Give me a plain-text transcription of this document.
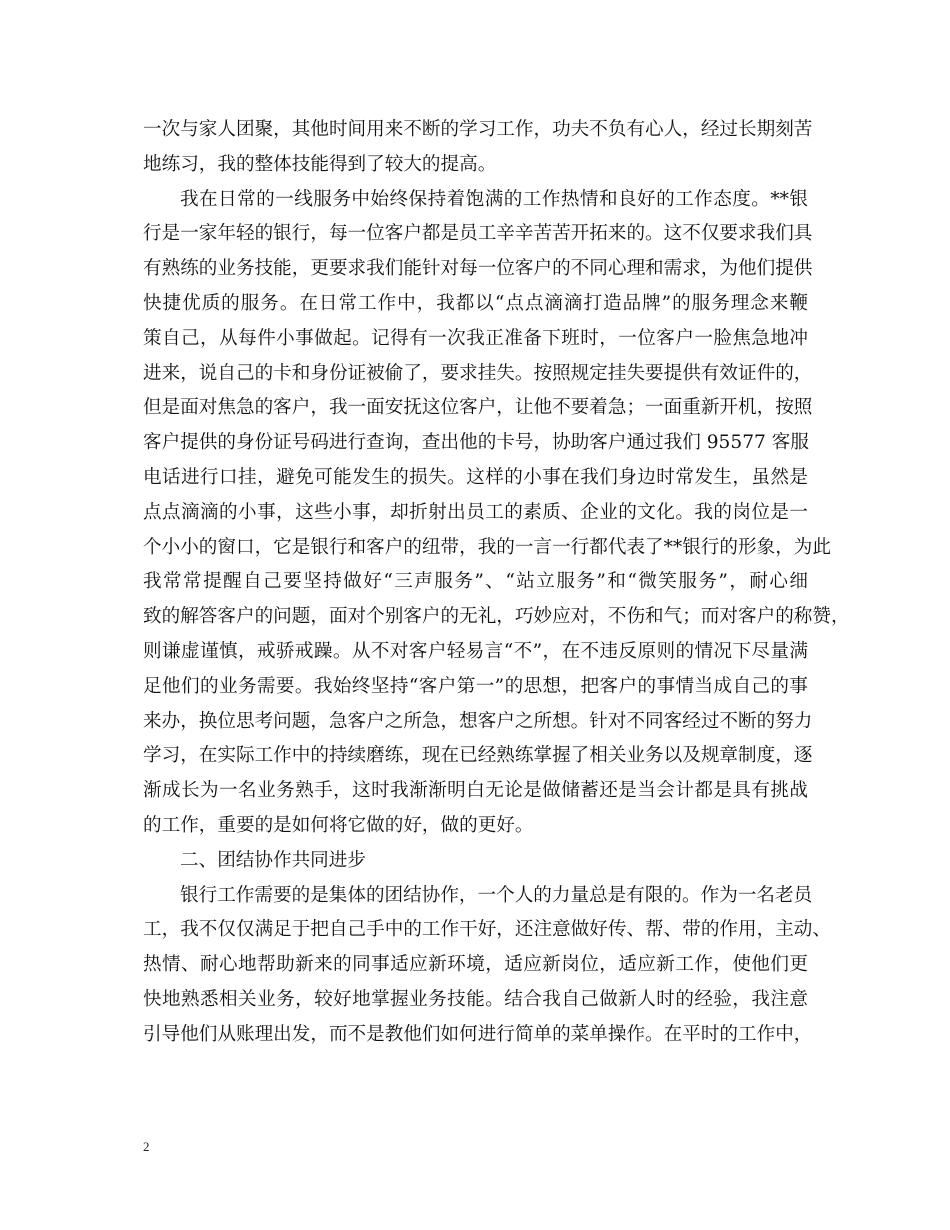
一次与家人团聚，其他时间用来不断的学习工作，功夫不负有心人，经过长期刻苦
地练习，我的整体技能得到了较大的提高。
我在日常的一线服务中始终保持着饱满的工作热情和良好的工作态度。**银
行是一家年轻的银行，每一位客户都是员工辛辛苦苦开拓来的。这不仅要求我们具
有熟练的业务技能，更要求我们能针对每一位客户的不同心理和需求，为他们提供
快捷优质的服务。在日常工作中，我都以“点点滴滴打造品牌”的服务理念来鞭
策自己，从每件小事做起。记得有一次我正准备下班时，一位客户一脸焦急地冲
进来，说自己的卡和身份证被偷了，要求挂失。按照规定挂失要提供有效证件的，
但是面对焦急的客户，我一面安抚这位客户，让他不要着急；一面重新开机，按照
客户提供的身份证号码进行查询，查出他的卡号，协助客户通过我们 95577 客服
电话进行口挂，避免可能发生的损失。这样的小事在我们身边时常发生，虽然是
点点滴滴的小事，这些小事，却折射出员工的素质、企业的文化。我的岗位是一
个小小的窗口，它是银行和客户的纽带，我的一言一行都代表了**银行的形象，为此
我常常提醒自己要坚持做好“三声服务”、“站立服务”和“微笑服务”，耐心细
致的解答客户的问题，面对个别客户的无礼，巧妙应对，不伤和气；而对客户的称赞，
则谦虚谨慎，戒骄戒躁。从不对客户轻易言“不”，在不违反原则的情况下尽量满
足他们的业务需要。我始终坚持“客户第一”的思想，把客户的事情当成自己的事
来办，换位思考问题，急客户之所急，想客户之所想。针对不同客经过不断的努力
学习，在实际工作中的持续磨练，现在已经熟练掌握了相关业务以及规章制度，逐
渐成长为一名业务熟手，这时我渐渐明白无论是做储蓄还是当会计都是具有挑战
的工作，重要的是如何将它做的好，做的更好。
二、团结协作共同进步
银行工作需要的是集体的团结协作，一个人的力量总是有限的。作为一名老员
工，我不仅仅满足于把自己手中的工作干好，还注意做好传、帮、带的作用，主动、
热情、耐心地帮助新来的同事适应新环境，适应新岗位，适应新工作，使他们更
快地熟悉相关业务，较好地掌握业务技能。结合我自己做新人时的经验，我注意
引导他们从账理出发，而不是教他们如何进行简单的菜单操作。在平时的工作中，
2
